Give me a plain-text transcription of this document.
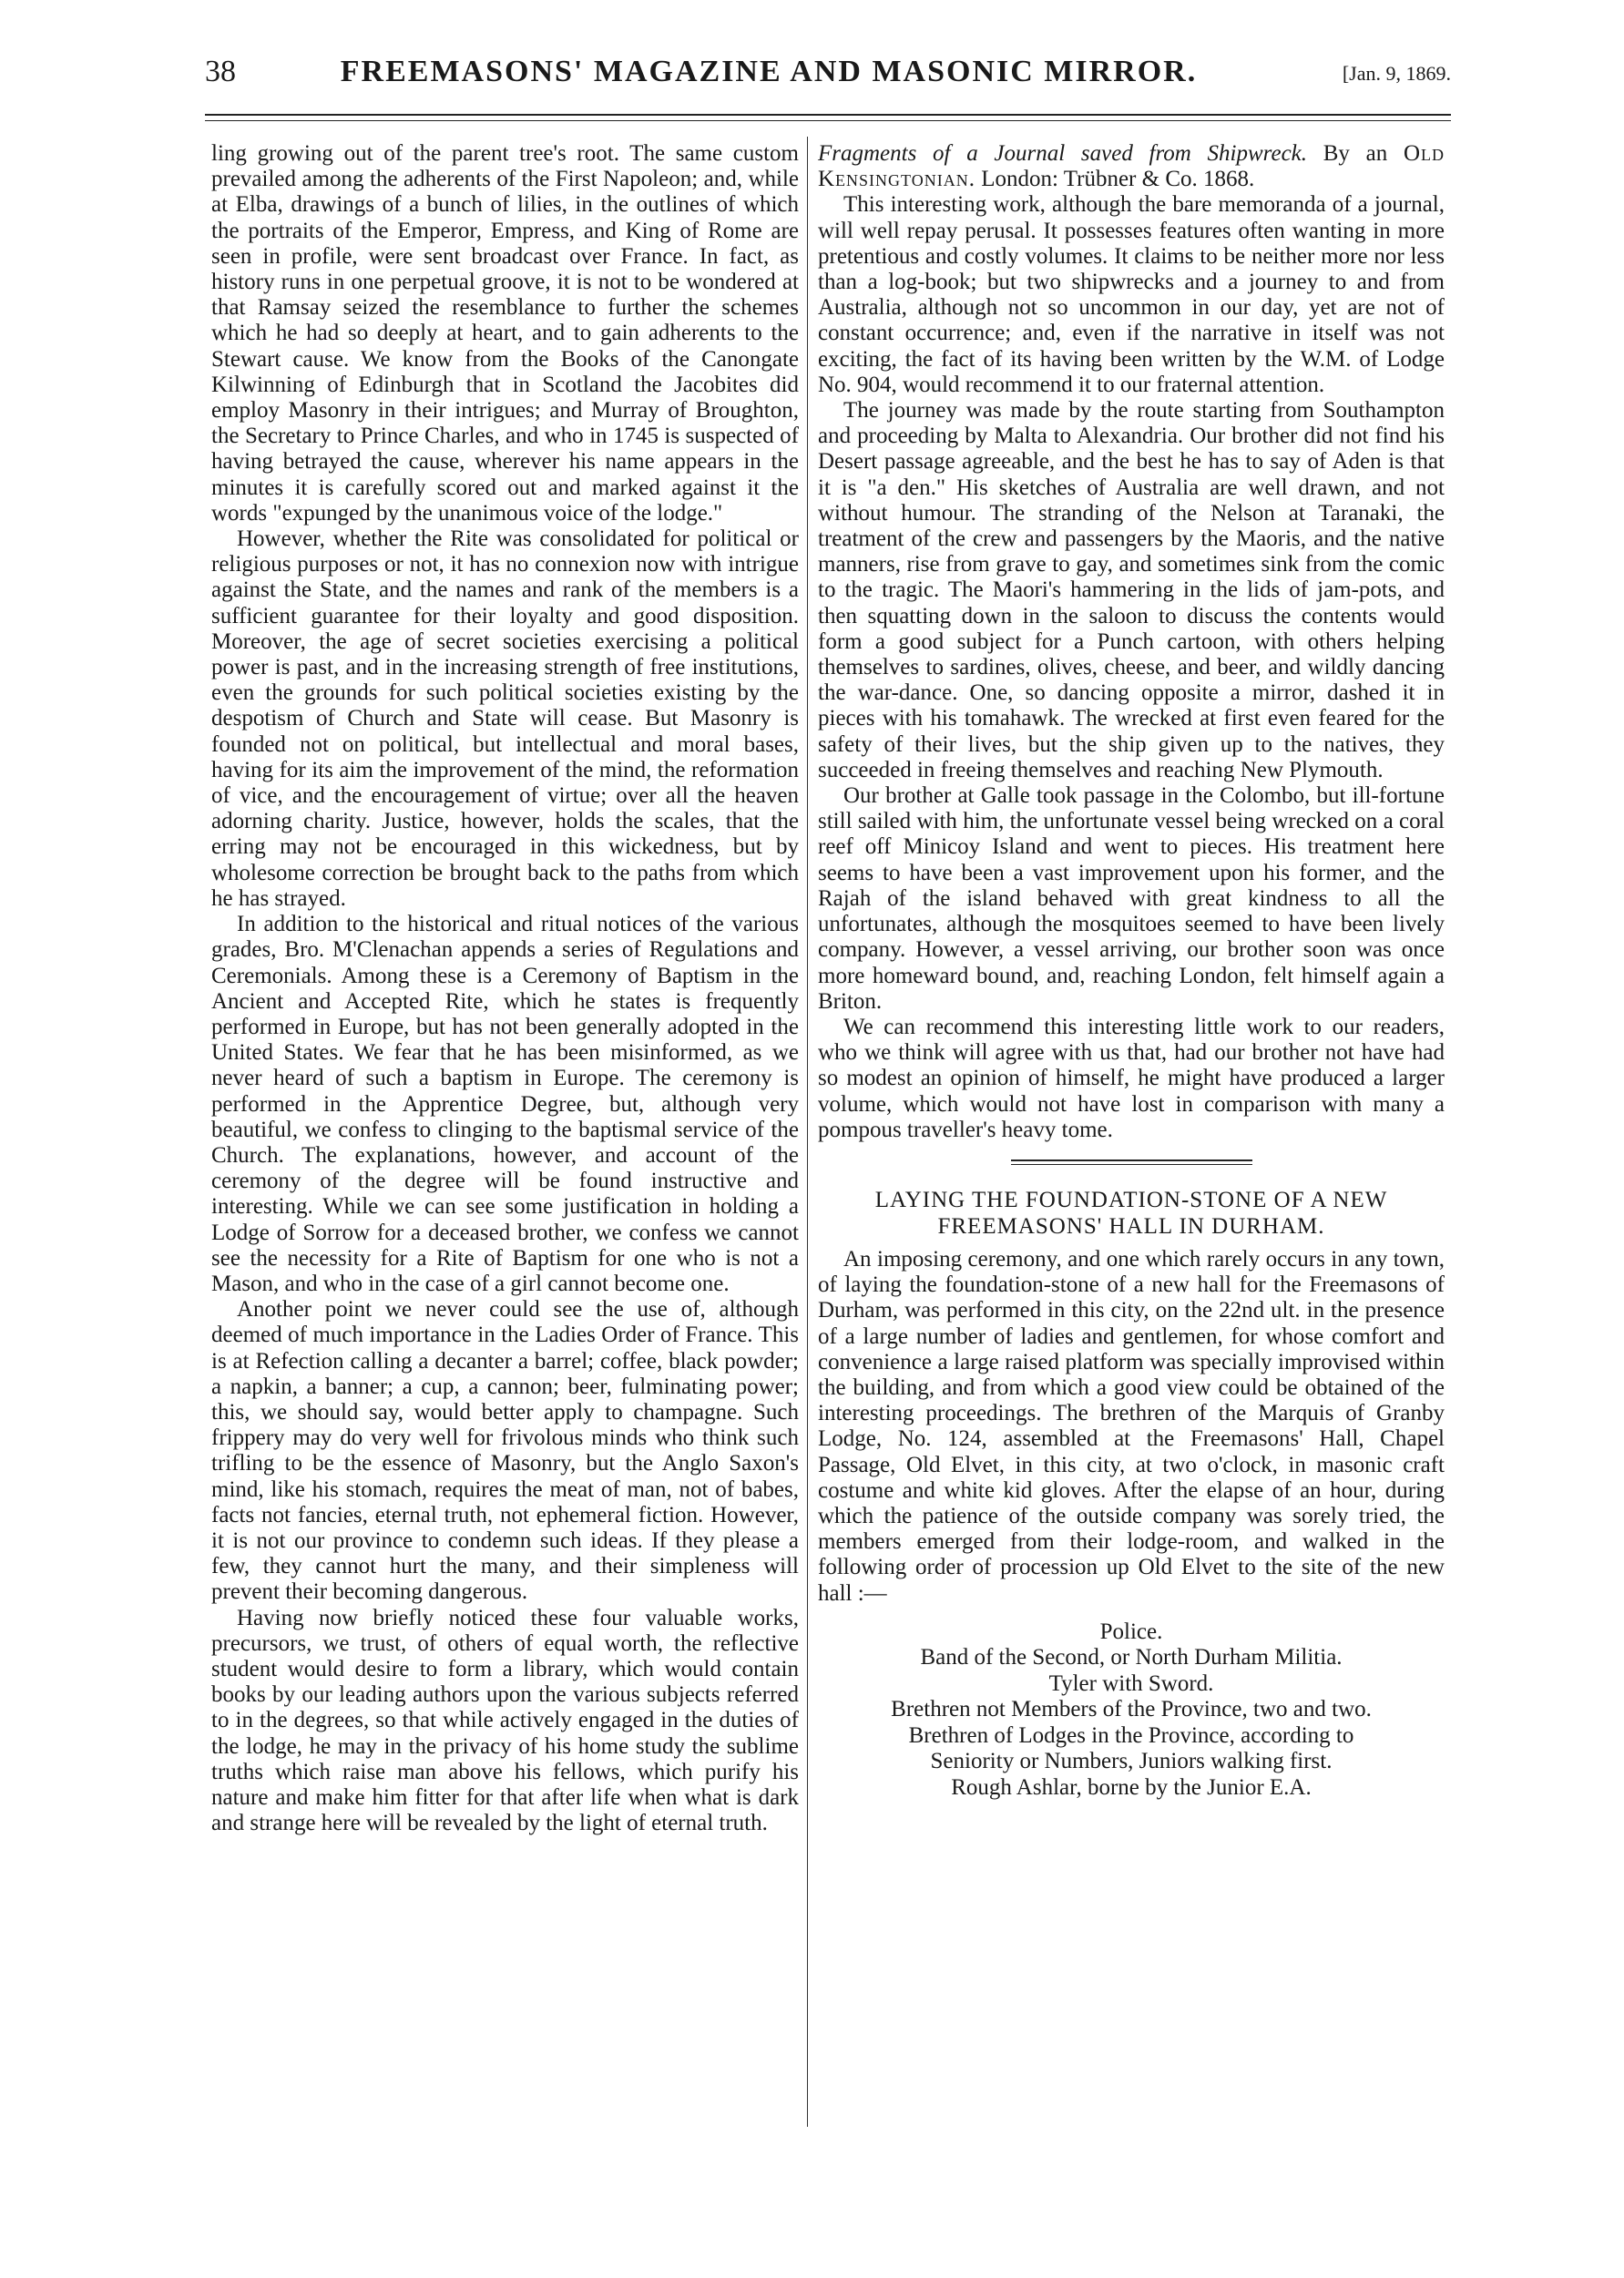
38	FREEMASONS' MAGAZINE AND MASONIC MIRROR.	[Jan. 9, 1869.

ling growing out of the parent tree's root. The same custom prevailed among the adherents of the First Napoleon; and, while at Elba, drawings of a bunch of lilies, in the outlines of which the portraits of the Emperor, Empress, and King of Rome are seen in profile, were sent broadcast over France. In fact, as history runs in one perpetual groove, it is not to be wondered at that Ramsay seized the resemblance to further the schemes which he had so deeply at heart, and to gain adherents to the Stewart cause. We know from the Books of the Canongate Kilwinning of Edinburgh that in Scotland the Jacobites did employ Masonry in their intrigues; and Murray of Broughton, the Secretary to Prince Charles, and who in 1745 is suspected of having betrayed the cause, wherever his name appears in the minutes it is carefully scored out and marked against it the words "expunged by the unanimous voice of the lodge."

However, whether the Rite was consolidated for political or religious purposes or not, it has no connexion now with intrigue against the State, and the names and rank of the members is a sufficient guarantee for their loyalty and good disposition. Moreover, the age of secret societies exercising a political power is past, and in the increasing strength of free institutions, even the grounds for such political societies existing by the despotism of Church and State will cease. But Masonry is founded not on political, but intellectual and moral bases, having for its aim the improvement of the mind, the reformation of vice, and the encouragement of virtue; over all the heaven adorning charity. Justice, however, holds the scales, that the erring may not be encouraged in this wickedness, but by wholesome correction be brought back to the paths from which he has strayed.

In addition to the historical and ritual notices of the various grades, Bro. M'Clenachan appends a series of Regulations and Ceremonials. Among these is a Ceremony of Baptism in the Ancient and Accepted Rite, which he states is frequently performed in Europe, but has not been generally adopted in the United States. We fear that he has been misinformed, as we never heard of such a baptism in Europe. The ceremony is performed in the Apprentice Degree, but, although very beautiful, we confess to clinging to the baptismal service of the Church. The explanations, however, and account of the ceremony of the degree will be found instructive and interesting. While we can see some justification in holding a Lodge of Sorrow for a deceased brother, we confess we cannot see the necessity for a Rite of Baptism for one who is not a Mason, and who in the case of a girl cannot become one.

Another point we never could see the use of, although deemed of much importance in the Ladies Order of France. This is at Refection calling a decanter a barrel; coffee, black powder; a napkin, a banner; a cup, a cannon; beer, fulminating power; this, we should say, would better apply to champagne. Such frippery may do very well for frivolous minds who think such trifling to be the essence of Masonry, but the Anglo Saxon's mind, like his stomach, requires the meat of man, not of babes, facts not fancies, eternal truth, not ephemeral fiction. However, it is not our province to condemn such ideas. If they please a few, they cannot hurt the many, and their simpleness will prevent their becoming dangerous.

Having now briefly noticed these four valuable works, precursors, we trust, of others of equal worth, the reflective student would desire to form a library, which would contain books by our leading authors upon the various subjects referred to in the degrees, so that while actively engaged in the duties of the lodge, he may in the privacy of his home study the sublime truths which raise man above his fellows, which purify his nature and make him fitter for that after life when what is dark and strange here will be revealed by the light of eternal truth.

Fragments of a Journal saved from Shipwreck. By an Old Kensingtonian. London: Trübner & Co. 1868.

This interesting work, although the bare memoranda of a journal, will well repay perusal. It possesses features often wanting in more pretentious and costly volumes. It claims to be neither more nor less than a log-book; but two shipwrecks and a journey to and from Australia, although not so uncommon in our day, yet are not of constant occurrence; and, even if the narrative in itself was not exciting, the fact of its having been written by the W.M. of Lodge No. 904, would recommend it to our fraternal attention.

The journey was made by the route starting from Southampton and proceeding by Malta to Alexandria. Our brother did not find his Desert passage agreeable, and the best he has to say of Aden is that it is "a den." His sketches of Australia are well drawn, and not without humour. The stranding of the Nelson at Taranaki, the treatment of the crew and passengers by the Maoris, and the native manners, rise from grave to gay, and sometimes sink from the comic to the tragic. The Maori's hammering in the lids of jam-pots, and then squatting down in the saloon to discuss the contents would form a good subject for a Punch cartoon, with others helping themselves to sardines, olives, cheese, and beer, and wildly dancing the war-dance. One, so dancing opposite a mirror, dashed it in pieces with his tomahawk. The wrecked at first even feared for the safety of their lives, but the ship given up to the natives, they succeeded in freeing themselves and reaching New Plymouth.

Our brother at Galle took passage in the Colombo, but ill-fortune still sailed with him, the unfortunate vessel being wrecked on a coral reef off Minicoy Island and went to pieces. His treatment here seems to have been a vast improvement upon his former, and the Rajah of the island behaved with great kindness to all the unfortunates, although the mosquitoes seemed to have been lively company. However, a vessel arriving, our brother soon was once more homeward bound, and, reaching London, felt himself again a Briton.

We can recommend this interesting little work to our readers, who we think will agree with us that, had our brother not have had so modest an opinion of himself, he might have produced a larger volume, which would not have lost in comparison with many a pompous traveller's heavy tome.

LAYING THE FOUNDATION-STONE OF A NEW
FREEMASONS' HALL IN DURHAM.

An imposing ceremony, and one which rarely occurs in any town, of laying the foundation-stone of a new hall for the Freemasons of Durham, was performed in this city, on the 22nd ult. in the presence of a large number of ladies and gentlemen, for whose comfort and convenience a large raised platform was specially improvised within the building, and from which a good view could be obtained of the interesting proceedings. The brethren of the Marquis of Granby Lodge, No. 124, assembled at the Freemasons' Hall, Chapel Passage, Old Elvet, in this city, at two o'clock, in masonic craft costume and white kid gloves. After the elapse of an hour, during which the patience of the outside company was sorely tried, the members emerged from their lodge-room, and walked in the following order of procession up Old Elvet to the site of the new hall :—

Police.
Band of the Second, or North Durham Militia.
Tyler with Sword.
Brethren not Members of the Province, two and two.
Brethren of Lodges in the Province, according to
Seniority or Numbers, Juniors walking first.
Rough Ashlar, borne by the Junior E.A.
